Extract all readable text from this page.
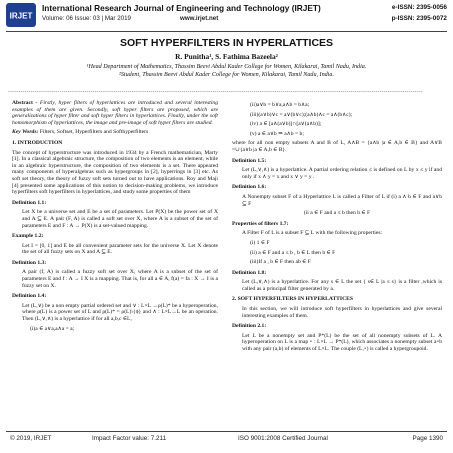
IRJET
International Research Journal of Engineering and Technology (IRJET)
Volume: 06 Issue: 03 | Mar 2019	www.irjet.net
e-ISSN: 2395-0056
p-ISSN: 2395-0072
SOFT HYPERFILTERS IN HYPERLATTICES
R. Punitha¹, S. Fathima Bazeela²
¹Head Department of Mathematics, Thassim Beevi Abdul Kader College for Women, Kilakarai, Tamil Nadu, India.
²Student, Thassim Beevi Abdul Kader College for Women, Kilakarai, Tamil Nadu, India.
---------------------------------------------------------------------------------------------------------------------------------------------------------------------------------------------------------

Abstract - Firstly, hyper filters of hyperlattices are introduced and several interesting examples of them are given. Secondly, soft hyper filters are proposed, which are generalizations of hyper filter and soft hyper filters in hyperlattices. Finally, under the soft homomorphism of hyperlattices, the image and pre-image of soft hyper filters are studied.

Key Words: Filters, Softset, Hyperfilters and Softhyperfilters

1. INTRODUCTION

The concept of hyperstructure was introduced in 1934 by a French mathematician, Marty [1]. In a classical algebraic structure, the composition of two elements is an element, while in an algebraic hyperstructure, the composition of two elements is a set. There appeared many components of hyperalgebras such as hypergroups in [2], hyperrings in [3] etc. As soft set theory, the theory of fuzzy soft sets turned out to have applications. Roy and Maji [4] presented some applications of this notion to decision-making problems, we introduce hyperfilters soft hyperfilters in hyperlattices, and study some properties of them

Definition 1.1:

Let X be a universe set and E be a set of parameters. Let P(X) be the power set of X and A ⊆ E. A pair (F, A) is called a soft set over X, where A is a subset of the set of parameters E and F : A → P(X) is a set-valued mapping.

Example 1.2:

Let I = [0, 1] and E be all convenient parameter sets for the universe X. Let X denote the set of all fuzzy sets on X and A ⊆ E.

Definition 1.3:

A pair (f, A) is called a fuzzy soft set over X, where A is a subset of the set of parameters E and f : A → I X is a mapping. That is, for all a ∈ A, f(a) = fa : X → I is a fuzzy set on X.

Definition 1.4:

Let (L,∨) be a non empty partial ordered set and ∨ : L×L →ρ(L)* be a hyperoperation, where ρ(L) is a power set of L and ρ(L)* = ρ(L)\{ϕ} and ∧ : L×L→L be an operation. Then (L,∨,∧) is a hyperlattice if for all a,b,c ∈L,

(i)a ∈ a∨a,a∧a = a;

(ii)a∨b = b∨a,a∧b = b∧a;

(iii)(a∨b)∨c = a∨(b∨c);(a∧b)∧c = a∧(b∧c);

(iv) a ∈ [a∧(a∨b)]∩[a∨(a∧b)];

(v) a ∈ a∨b ⇒ a∧b = b;

where for all non empty subsets A and B of L, A∧B = {a∧b |a ∈ A,b ∈ B} and A∨B =∪{a∨b |a ∈ A,b ∈ B}.

Definition 1.5:

Let (L,∨,∧) is a hyperlattice. A partial ordering relation ≤ is defined on L by x ≤ y if and only if x ∧ y = x and x ∨ y = y .

Definition 1.6:

A Nonempty subset F of a Hyperlattice L is called a Filter of L if (i) a ∧ b ∈ F and a∨b ⊆ F

(ii a ∈ F and a ≤ b then b ∈ F

Properties of filters 1.7:

A Filter F of L is a subset F ⊆ L with the following properties:

(i) 1 ∈ F

(ii) a ∈ F and a ≤ b , b ∈ L then b ∈ F

(iii)If a , b ∈ F then ab ∈ F

Definition 1.8:

Let (L,∨,∧) is a hyperlattice. For any s ∈ L the set { s∈ L |a ≤ s} is a filter ,which is called as a principal filter generated by a.

2. SOFT HYPERFILTERS IN HYPERLATTICES

In this section, we will introduce soft hyperfilters in hyperlattices and give several interesting examples of them.

Definition 2.1:

Let L be a nonempty set and P*(L) be the set of all nonempty subsets of L. A hyperoperation on L is a map ∘ : L×L → P*(L), which associates a nonempty subset a∘b with any pair (a,b) of elements of L×L. The couple (L,∘) is called a hypergroupoid.

© 2019, IRJET	Impact Factor value: 7.211	ISO 9001:2008 Certified Journal	Page 1390
